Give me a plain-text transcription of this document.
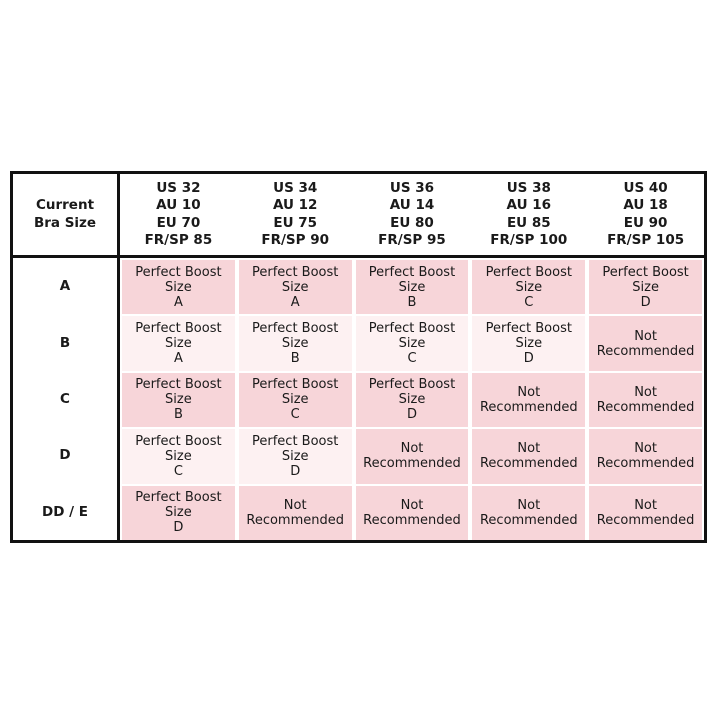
Current
Bra Size
US 32
AU 10
EU 70
FR/SP 85
US 34
AU 12
EU 75
FR/SP 90
US 36
AU 14
EU 80
FR/SP 95
US 38
AU 16
EU 85
FR/SP 100
US 40
AU 18
EU 90
FR/SP 105
A
Perfect Boost
Size
A
Perfect Boost
Size
A
Perfect Boost
Size
B
Perfect Boost
Size
C
Perfect Boost
Size
D
B
Perfect Boost
Size
A
Perfect Boost
Size
B
Perfect Boost
Size
C
Perfect Boost
Size
D
Not
Recommended
C
Perfect Boost
Size
B
Perfect Boost
Size
C
Perfect Boost
Size
D
Not
Recommended
Not
Recommended
D
Perfect Boost
Size
C
Perfect Boost
Size
D
Not
Recommended
Not
Recommended
Not
Recommended
DD / E
Perfect Boost
Size
D
Not
Recommended
Not
Recommended
Not
Recommended
Not
Recommended
